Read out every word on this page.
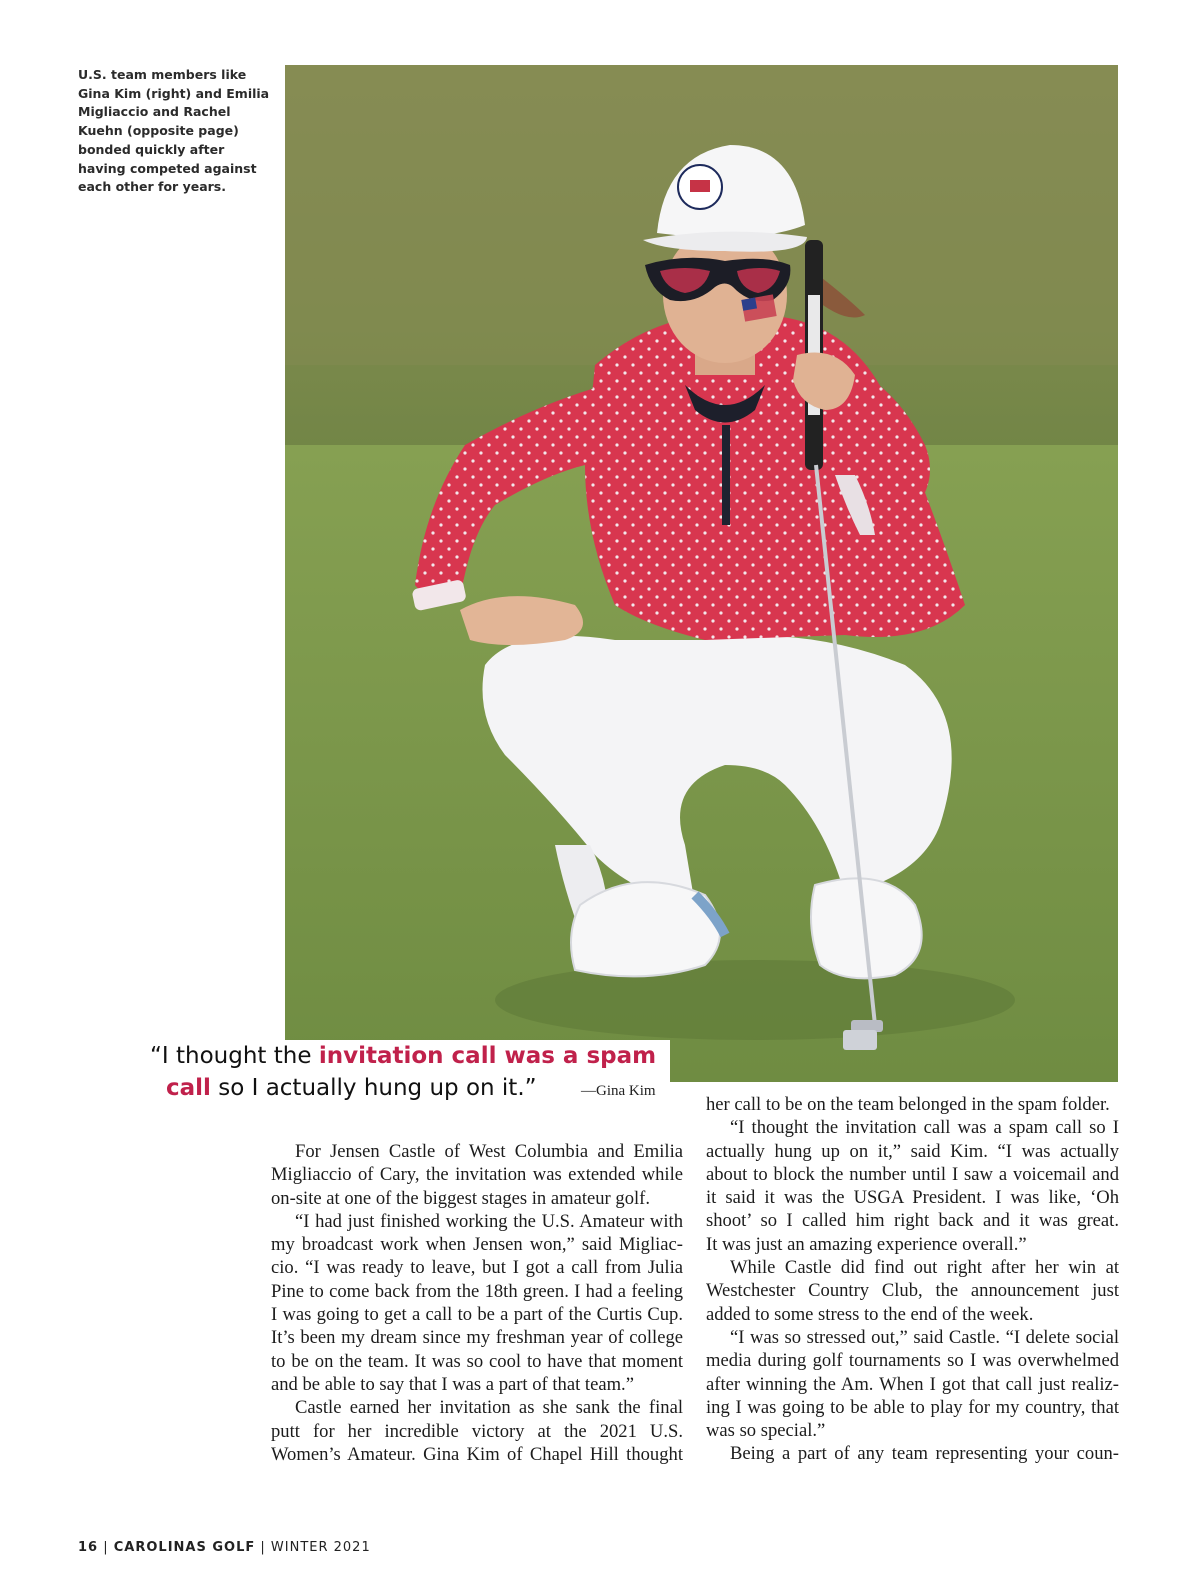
U.S. team members like
Gina Kim (right) and Emilia
Migliaccio and Rachel
Kuehn (opposite page)
bonded quickly after
having competed against
each other for years.
“I thought the invitation call was a spam
call so I actually hung up on it.”	—Gina Kim
For Jensen Castle of West Columbia and Emilia
Migliaccio of Cary, the invitation was extended while
on-site at one of the biggest stages in amateur golf.
“I had just finished working the U.S. Amateur with
my broadcast work when Jensen won,” said Migliac-
cio. “I was ready to leave, but I got a call from Julia
Pine to come back from the 18th green. I had a feeling
I was going to get a call to be a part of the Curtis Cup.
It’s been my dream since my freshman year of college
to be on the team. It was so cool to have that moment
and be able to say that I was a part of that team.”
Castle earned her invitation as she sank the final
putt for her incredible victory at the 2021 U.S.
Women’s Amateur. Gina Kim of Chapel Hill thought
her call to be on the team belonged in the spam folder.
“I thought the invitation call was a spam call so I
actually hung up on it,” said Kim. “I was actually
about to block the number until I saw a voicemail and
it said it was the USGA President. I was like, ‘Oh
shoot’ so I called him right back and it was great.
It was just an amazing experience overall.”
While Castle did find out right after her win at
Westchester Country Club, the announcement just
added to some stress to the end of the week.
“I was so stressed out,” said Castle. “I delete social
media during golf tournaments so I was overwhelmed
after winning the Am. When I got that call just realiz-
ing I was going to be able to play for my country, that
was so special.”
Being a part of any team representing your coun-
16 | CAROLINAS GOLF | WINTER 2021
